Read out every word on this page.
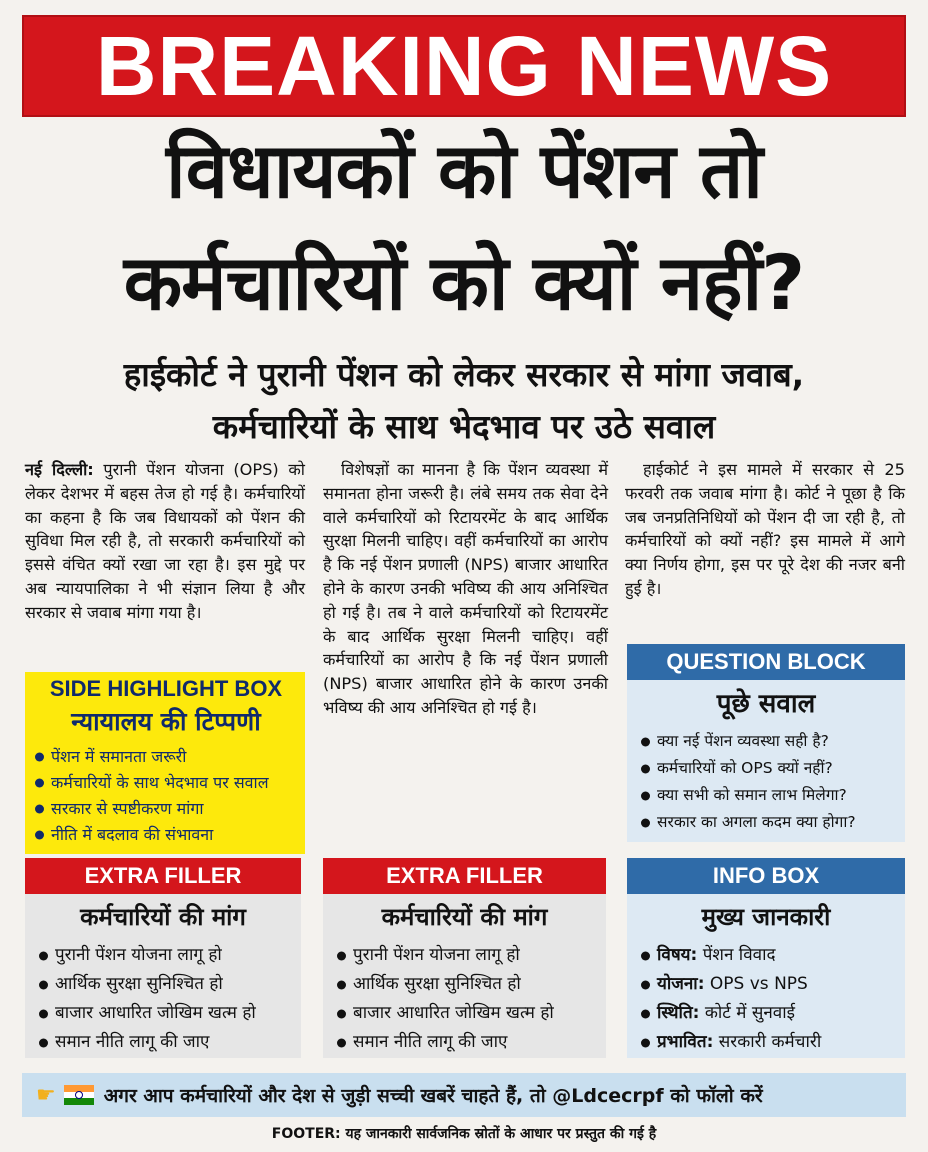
BREAKING NEWS
विधायकों को पेंशन तो
कर्मचारियों को क्यों नहीं?
हाईकोर्ट ने पुरानी पेंशन को लेकर सरकार से मांगा जवाब,
कर्मचारियों के साथ भेदभाव पर उठे सवाल
नई दिल्ली: पुरानी पेंशन योजना (OPS) को लेकर देशभर में बहस तेज हो गई है। कर्मचारियों का कहना है कि जब विधायकों को पेंशन की सुविधा मिल रही है, तो सरकारी कर्मचारियों को इससे वंचित क्यों रखा जा रहा है। इस मुद्दे पर अब न्यायपालिका ने भी संज्ञान लिया है और सरकार से जवाब मांगा गया है।
विशेषज्ञों का मानना है कि पेंशन व्यवस्था में समानता होना जरूरी है। लंबे समय तक सेवा देने वाले कर्मचारियों को रिटायरमेंट के बाद आर्थिक सुरक्षा मिलनी चाहिए। वहीं कर्मचारियों का आरोप है कि नई पेंशन प्रणाली (NPS) बाजार आधारित होने के कारण उनकी भविष्य की आय अनिश्चित हो गई है। तब ने वाले कर्मचारियों को रिटायरमेंट के बाद आर्थिक सुरक्षा मिलनी चाहिए। वहीं कर्मचारियों का आरोप है कि नई पेंशन प्रणाली (NPS) बाजार आधारित होने के कारण उनकी भविष्य की आय अनिश्चित हो गई है।
हाईकोर्ट ने इस मामले में सरकार से 25 फरवरी तक जवाब मांगा है। कोर्ट ने पूछा है कि जब जनप्रतिनिधियों को पेंशन दी जा रही है, तो कर्मचारियों को क्यों नहीं? इस मामले में आगे क्या निर्णय होगा, इस पर पूरे देश की नजर बनी हुई है।
SIDE HIGHLIGHT BOX
न्यायालय की टिप्पणी
पेंशन में समानता जरूरी
कर्मचारियों के साथ भेदभाव पर सवाल
सरकार से स्पष्टीकरण मांगा
नीति में बदलाव की संभावना
QUESTION BLOCK
पूछे सवाल
क्या नई पेंशन व्यवस्था सही है?
कर्मचारियों को OPS क्यों नहीं?
क्या सभी को समान लाभ मिलेगा?
सरकार का अगला कदम क्या होगा?
EXTRA FILLER
कर्मचारियों की मांग
पुरानी पेंशन योजना लागू हो
आर्थिक सुरक्षा सुनिश्चित हो
बाजार आधारित जोखिम खत्म हो
समान नीति लागू की जाए
EXTRA FILLER
कर्मचारियों की मांग
पुरानी पेंशन योजना लागू हो
आर्थिक सुरक्षा सुनिश्चित हो
बाजार आधारित जोखिम खत्म हो
समान नीति लागू की जाए
INFO BOX
मुख्य जानकारी
विषय: पेंशन विवाद
योजना: OPS vs NPS
स्थिति: कोर्ट में सुनवाई
प्रभावित: सरकारी कर्मचारी
☛	अगर आप कर्मचारियों और देश से जुड़ी सच्ची खबरें चाहते हैं, तो @Ldcecrpf को फॉलो करें
FOOTER: यह जानकारी सार्वजनिक स्रोतों के आधार पर प्रस्तुत की गई है
